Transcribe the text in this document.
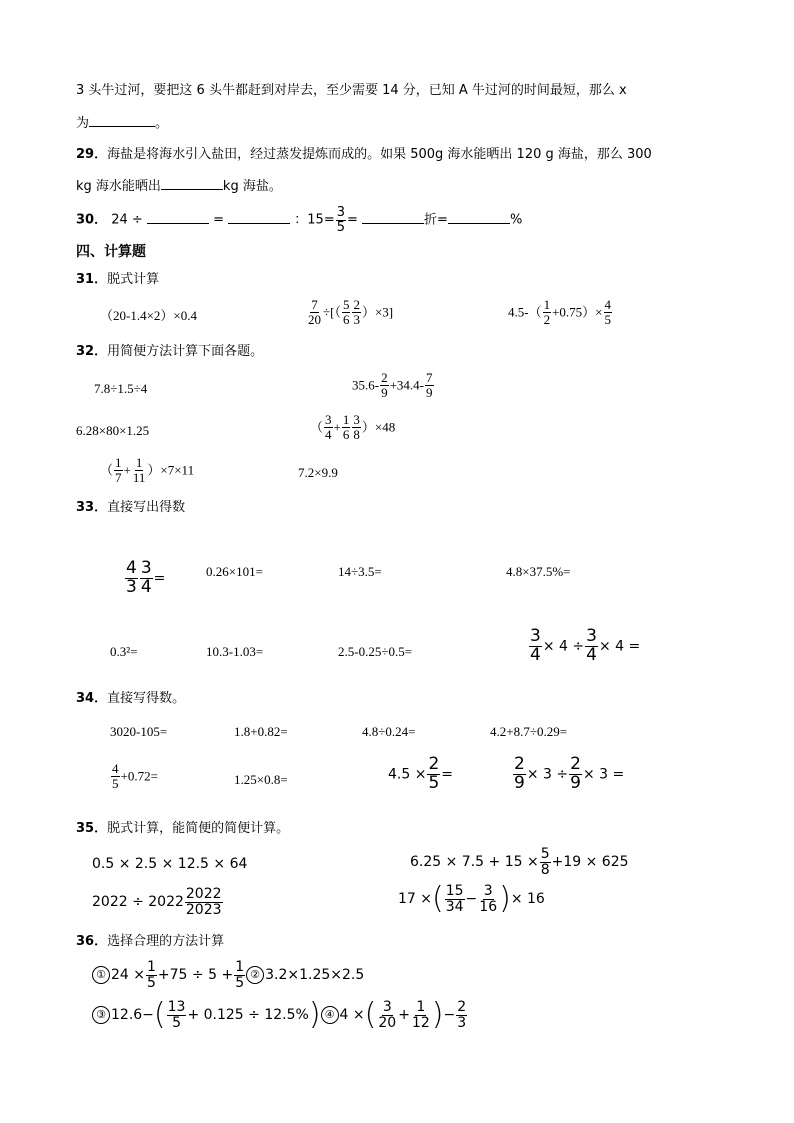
3 头牛过河，要把这 6 头牛都赶到对岸去，至少需要 14 分，已知 A 牛过河的时间最短，那么 x
为	。
29．海盐是将海水引入盐田，经过蒸发提炼而成的。如果 500g 海水能晒出 120 g 海盐，那么 300
kg 海水能晒出	kg 海盐。
30． 24 ÷	=	：$15= \frac{3}{5}$ =	折=	%
四、计算题
31．脱式计算
（20-1.4×2）×0.4	$\frac{7}{20}$ ÷[（ $\frac{5}{6} \frac{2}{3} )\times 3$]	$4.5-( \frac{1}{2} +0.75)\times \frac{4}{5}$
32．用简便方法计算下面各题。
7.8÷1.5÷4	$35.6- \frac{2}{9} +34.4- \frac{7}{9}$
6.28×80×1.25	（ $\frac{3}{4} + \frac{1}{6} \frac{3}{8} )\times 48$
（ $\frac{1}{7} + \frac{1}{11} )\times 7\times 11$	7.2×9.9
33．直接写出得数
$\frac{4}{3} \frac{3}{4}$ =	0.26×101=	14÷3.5=	4.8×37.5%=
0.3²=	10.3-1.03=	2.5-0.25÷0.5=	$\frac{3}{4} \times 4 \div \frac{3}{4} \times 4$ =
34．直接写得数。
3020-105=	1.8+0.82=	4.8÷0.24=	4.2+8.7÷0.29=
$\frac{4}{5} +0.72=$	1.25×0.8=	$4.5 \times \frac{2}{5}$ =	$\frac{2}{9} \times 3 \div \frac{2}{9} \times 3$ =
35．脱式计算，能简便的简便计算。
0.5 × 2.5 × 12.5 × 64	$6.25 \times 7.5 + 15 \times \frac{5}{8} +19 \times 625$
$2022 \div 2022 \frac{2022}{2023}$	17 ×( $\frac{15}{34} - \frac{3}{16}$ )× 16
36．选择合理的方法计算
① $24 \times \frac{1}{5} +75 \div 5 + \frac{1}{5}$ ② 3.2×1.25×2.5
③ $12.6-( \frac{13}{5} + 0.125 \div 12.5\%)$ ④ 4 ×( $\frac{3}{20} + \frac{1}{12}$ )− $\frac{2}{3}$
